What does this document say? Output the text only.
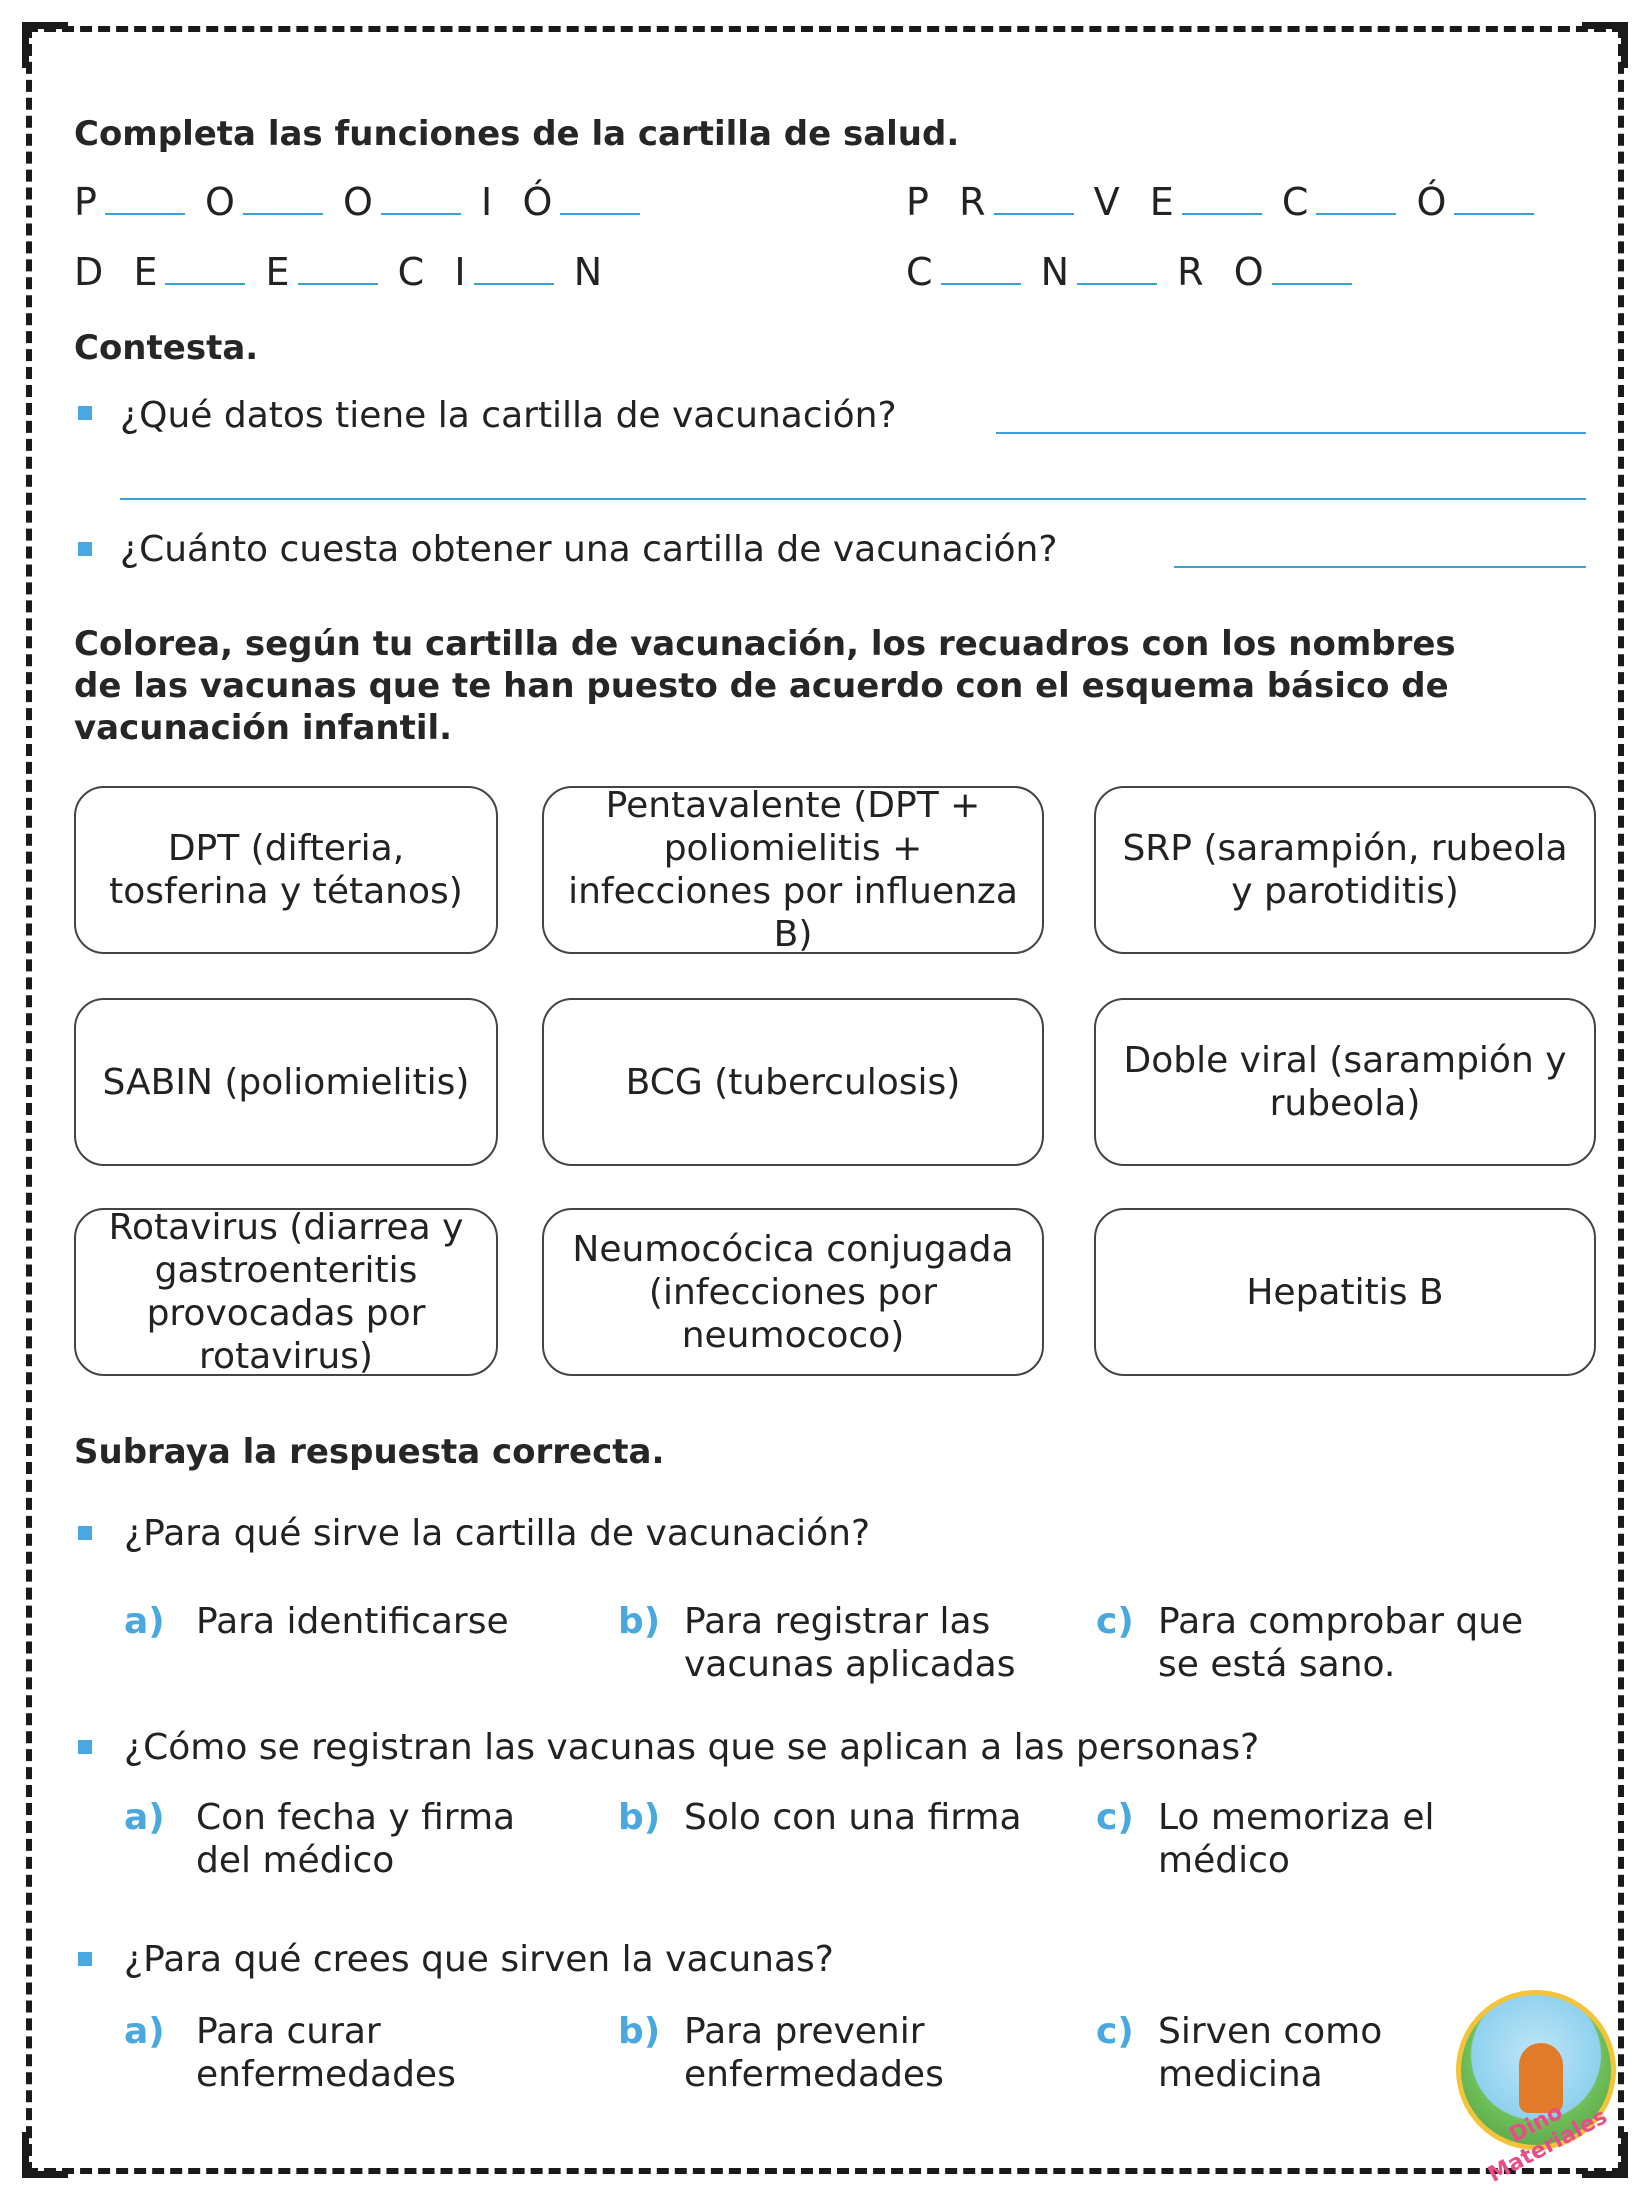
Completa las funciones de la cartilla de salud.
P	O	O	I Ó	P R	V E	C	Ó
D E	E	C I	N	C	N	R O
Contesta.
¿Qué datos tiene la cartilla de vacunación?
¿Cuánto cuesta obtener una cartilla de vacunación?
Colorea, según tu cartilla de vacunación, los recuadros con los nombres
de las vacunas que te han puesto de acuerdo con el esquema básico de
vacunación infantil.
DPT (difteria, tosferina y tétanos)
Pentavalente (DPT + poliomielitis + infecciones por influenza B)
SRP (sarampión, rubeola y parotiditis)
SABIN (poliomielitis)	BCG (tuberculosis)
Doble viral (sarampión y rubeola)
Rotavirus (diarrea y gastroenteritis provocadas por rotavirus)
Neumocócica conjugada (infecciones por neumococo)
Hepatitis B
Subraya la respuesta correcta.
¿Para qué sirve la cartilla de vacunación?
a) Para identificarse	b) Para registrar las vacunas aplicadas
c) Para comprobar que se está sano.
¿Cómo se registran las vacunas que se aplican a las personas?
a) Con fecha y firma del médico
b) Solo con una firma	c) Lo memoriza el médico
¿Para qué crees que sirven la vacunas?
a) Para curar enfermedades
b) Para prevenir enfermedades
c) Sirven como medicina
Dino Materiales
